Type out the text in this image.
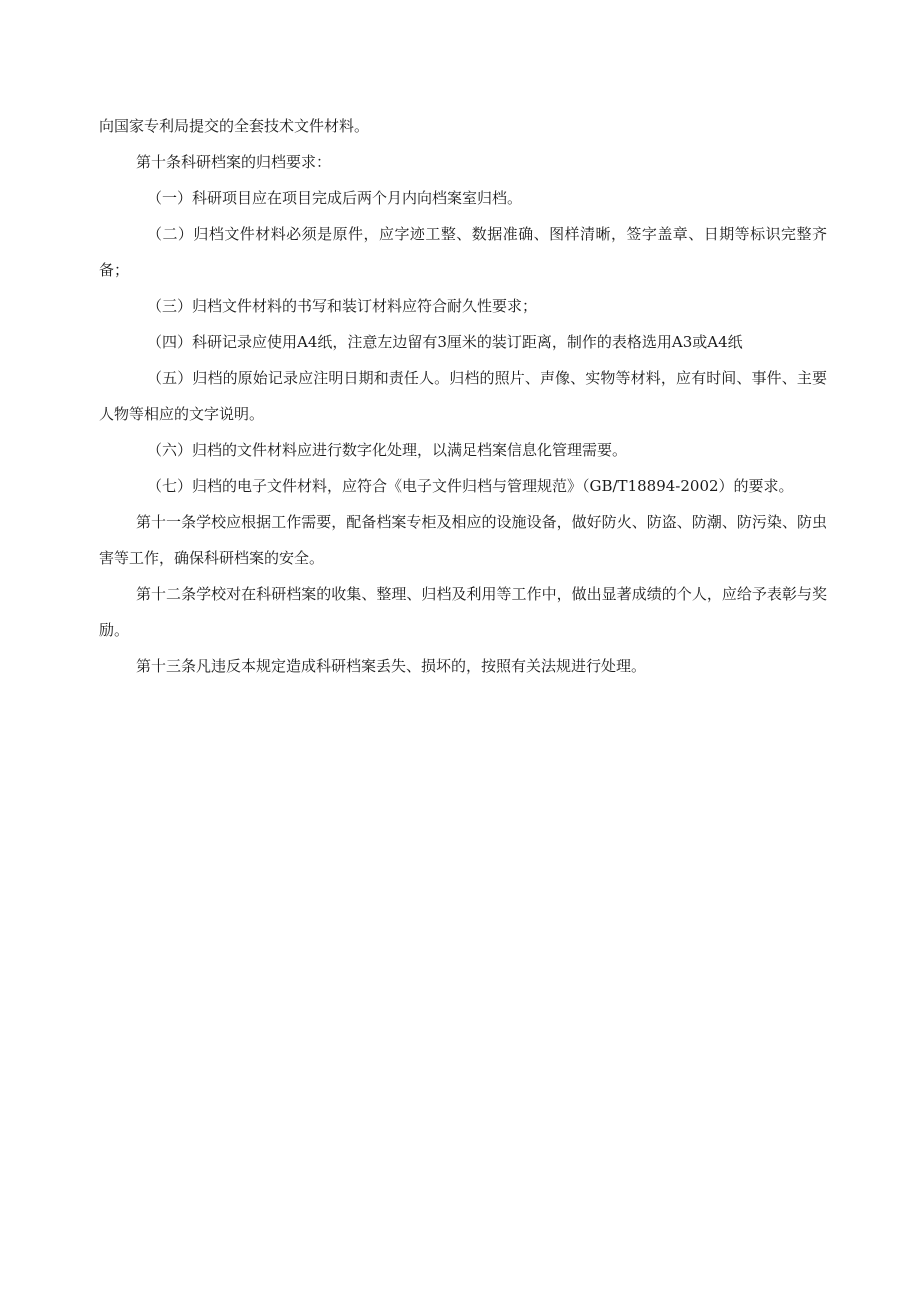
向国家专利局提交的全套技术文件材料。

第十条科研档案的归档要求：

（一）科研项目应在项目完成后两个月内向档案室归档。

（二）归档文件材料必须是原件，应字迹工整、数据准确、图样清晰，签字盖章、日期等标识完整齐备；

（三）归档文件材料的书写和装订材料应符合耐久性要求；

（四）科研记录应使用A4纸，注意左边留有3厘米的装订距离，制作的表格选用A3或A4纸

（五）归档的原始记录应注明日期和责任人。归档的照片、声像、实物等材料，应有时间、事件、主要人物等相应的文字说明。

（六）归档的文件材料应进行数字化处理，以满足档案信息化管理需要。

（七）归档的电子文件材料，应符合《电子文件归档与管理规范》（GB/T18894-2002）的要求。

第十一条学校应根据工作需要，配备档案专柜及相应的设施设备，做好防火、防盗、防潮、防污染、防虫害等工作，确保科研档案的安全。

第十二条学校对在科研档案的收集、整理、归档及利用等工作中，做出显著成绩的个人，应给予表彰与奖励。

第十三条凡违反本规定造成科研档案丢失、损坏的，按照有关法规进行处理。
